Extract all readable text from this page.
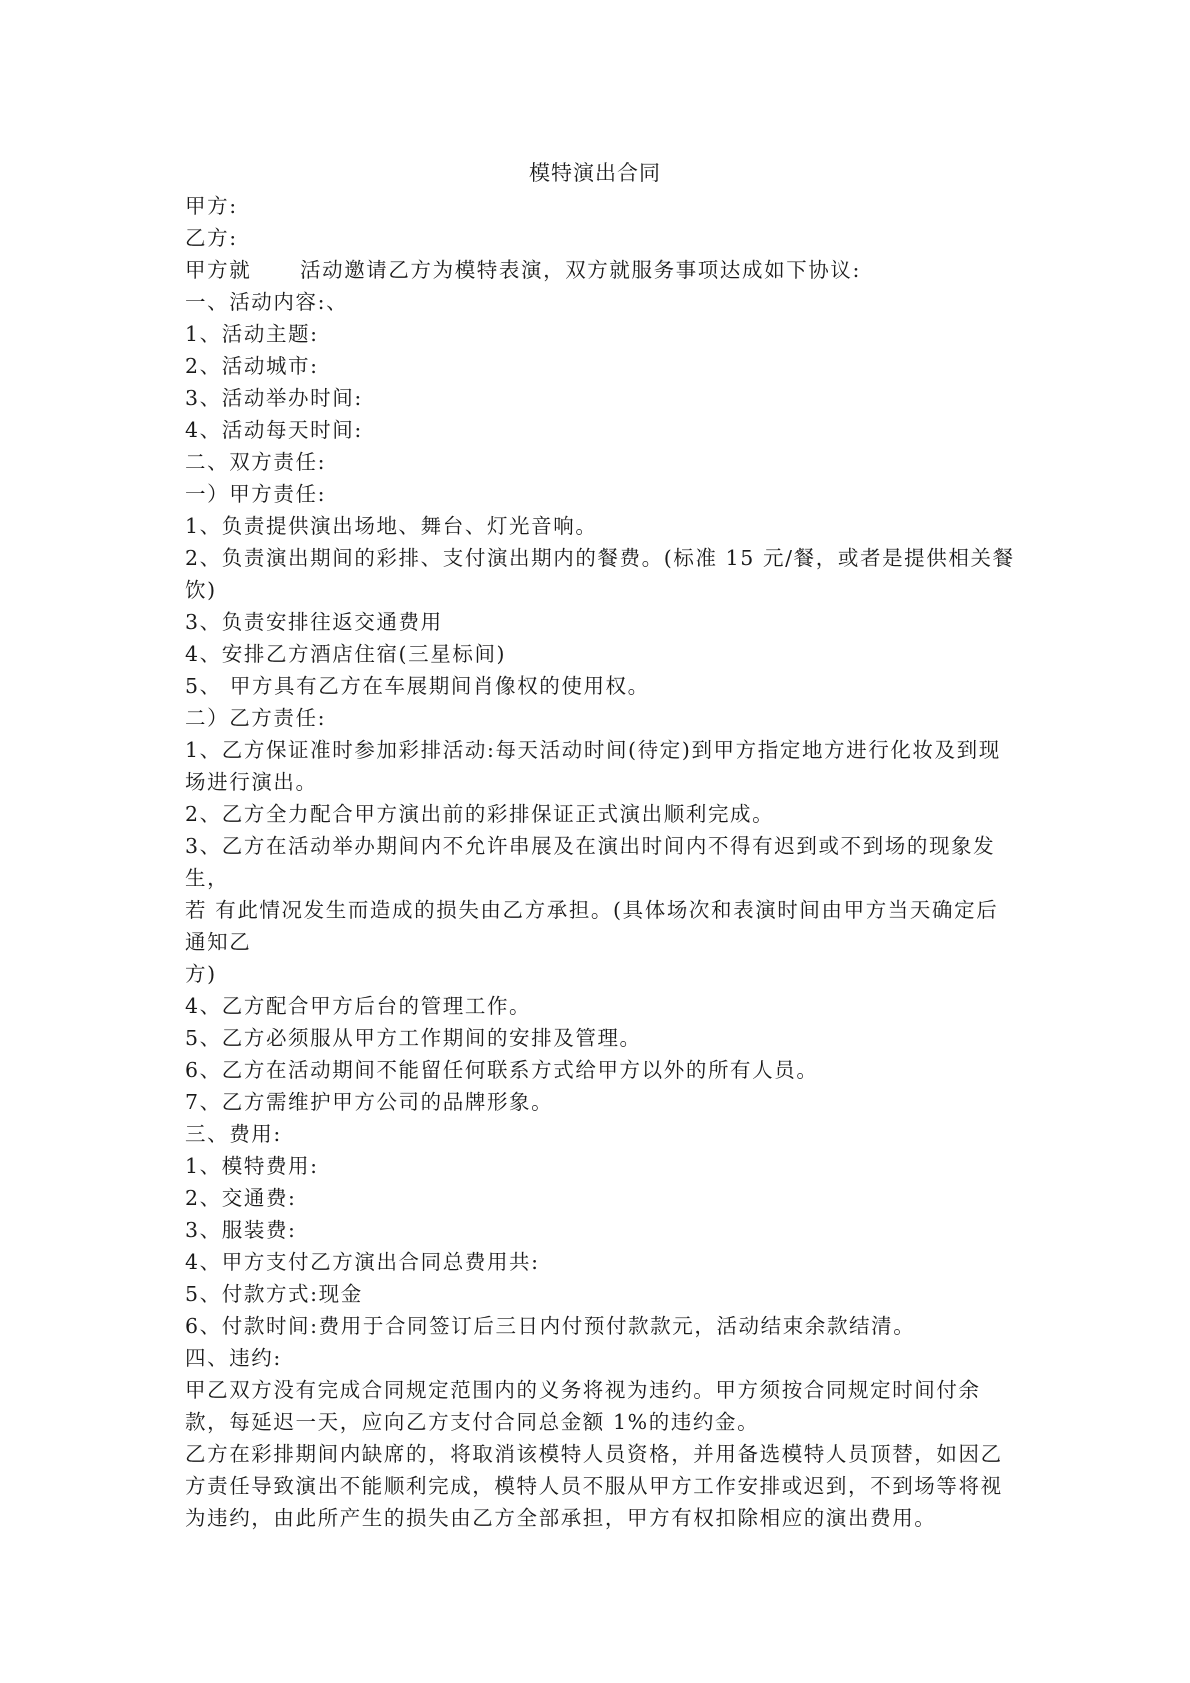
模特演出合同
甲方:
乙方:
甲方就      活动邀请乙方为模特表演，双方就服务事项达成如下协议:
一、活动内容:、
1、活动主题:
2、活动城市:
3、活动举办时间:
4、活动每天时间:
二、双方责任:
一）甲方责任:
1、负责提供演出场地、舞台、灯光音响。
2、负责演出期间的彩排、支付演出期内的餐费。(标准 15 元/餐，或者是提供相关餐饮)
3、负责安排往返交通费用
4、安排乙方酒店住宿(三星标间)
5、 甲方具有乙方在车展期间肖像权的使用权。
二）乙方责任:
1、乙方保证准时参加彩排活动:每天活动时间(待定)到甲方指定地方进行化妆及到现场进行演出。
2、乙方全力配合甲方演出前的彩排保证正式演出顺利完成。
3、乙方在活动举办期间内不允许串展及在演出时间内不得有迟到或不到场的现象发生，
若 有此情况发生而造成的损失由乙方承担。(具体场次和表演时间由甲方当天确定后通知乙
方)
4、乙方配合甲方后台的管理工作。
5、乙方必须服从甲方工作期间的安排及管理。
6、乙方在活动期间不能留任何联系方式给甲方以外的所有人员。
7、乙方需维护甲方公司的品牌形象。
三、费用:
1、模特费用:
2、交通费:
3、服装费:
4、甲方支付乙方演出合同总费用共:
5、付款方式:现金
6、付款时间:费用于合同签订后三日内付预付款款元，活动结束余款结清。
四、违约:
甲乙双方没有完成合同规定范围内的义务将视为违约。甲方须按合同规定时间付余款，每延迟一天，应向乙方支付合同总金额 1%的违约金。
乙方在彩排期间内缺席的，将取消该模特人员资格，并用备选模特人员顶替，如因乙方责任导致演出不能顺利完成，模特人员不服从甲方工作安排或迟到，不到场等将视为违约，由此所产生的损失由乙方全部承担，甲方有权扣除相应的演出费用。
